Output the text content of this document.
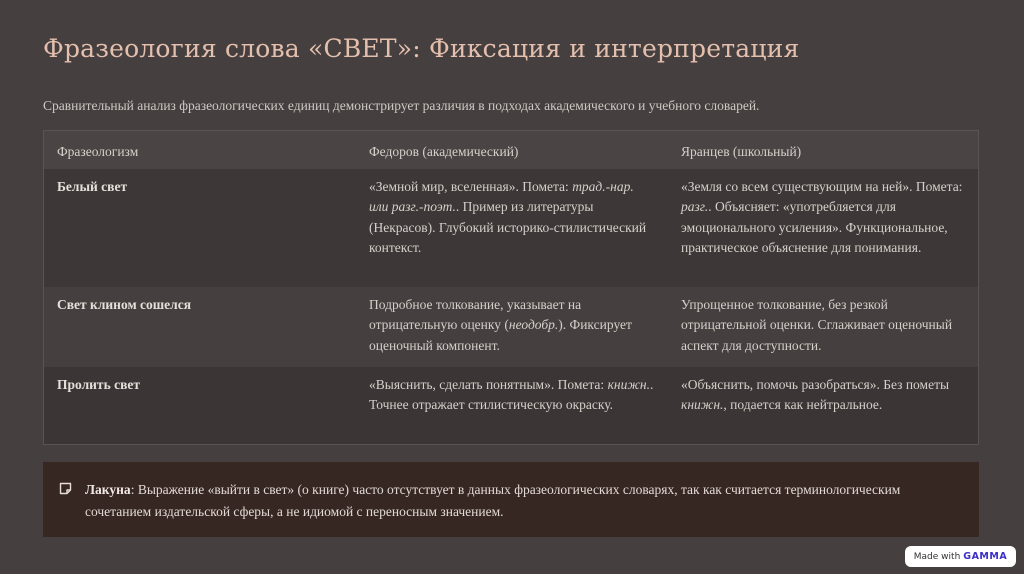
Фразеология слова «СВЕТ»: Фиксация и интерпретация

Сравнительный анализ фразеологических единиц демонстрирует различия в подходах академического и учебного словарей.

Фразеологизм	Федоров (академический)	Яранцев (школьный)
Белый свет	«Земной мир, вселенная». Помета: трад.-нар. или разг.-поэт.. Пример из литературы (Некрасов). Глубокий историко-стилистический контекст.	«Земля со всем существующим на ней». Помета: разг.. Объясняет: «употребляется для эмоционального усиления». Функциональное, практическое объяснение для понимания.
Свет клином сошелся	Подробное толкование, указывает на отрицательную оценку (неодобр.). Фиксирует оценочный компонент.	Упрощенное толкование, без резкой отрицательной оценки. Сглаживает оценочный аспект для доступности.
Пролить свет	«Выяснить, сделать понятным». Помета: книжн.. Точнее отражает стилистическую окраску.	«Объяснить, помочь разобраться». Без пометы книжн., подается как нейтральное.
Лакуна: Выражение «выйти в свет» (о книге) часто отсутствует в данных фразеологических словарях, так как считается терминологическим сочетанием издательской сферы, а не идиомой с переносным значением.
Made with GAMMA
